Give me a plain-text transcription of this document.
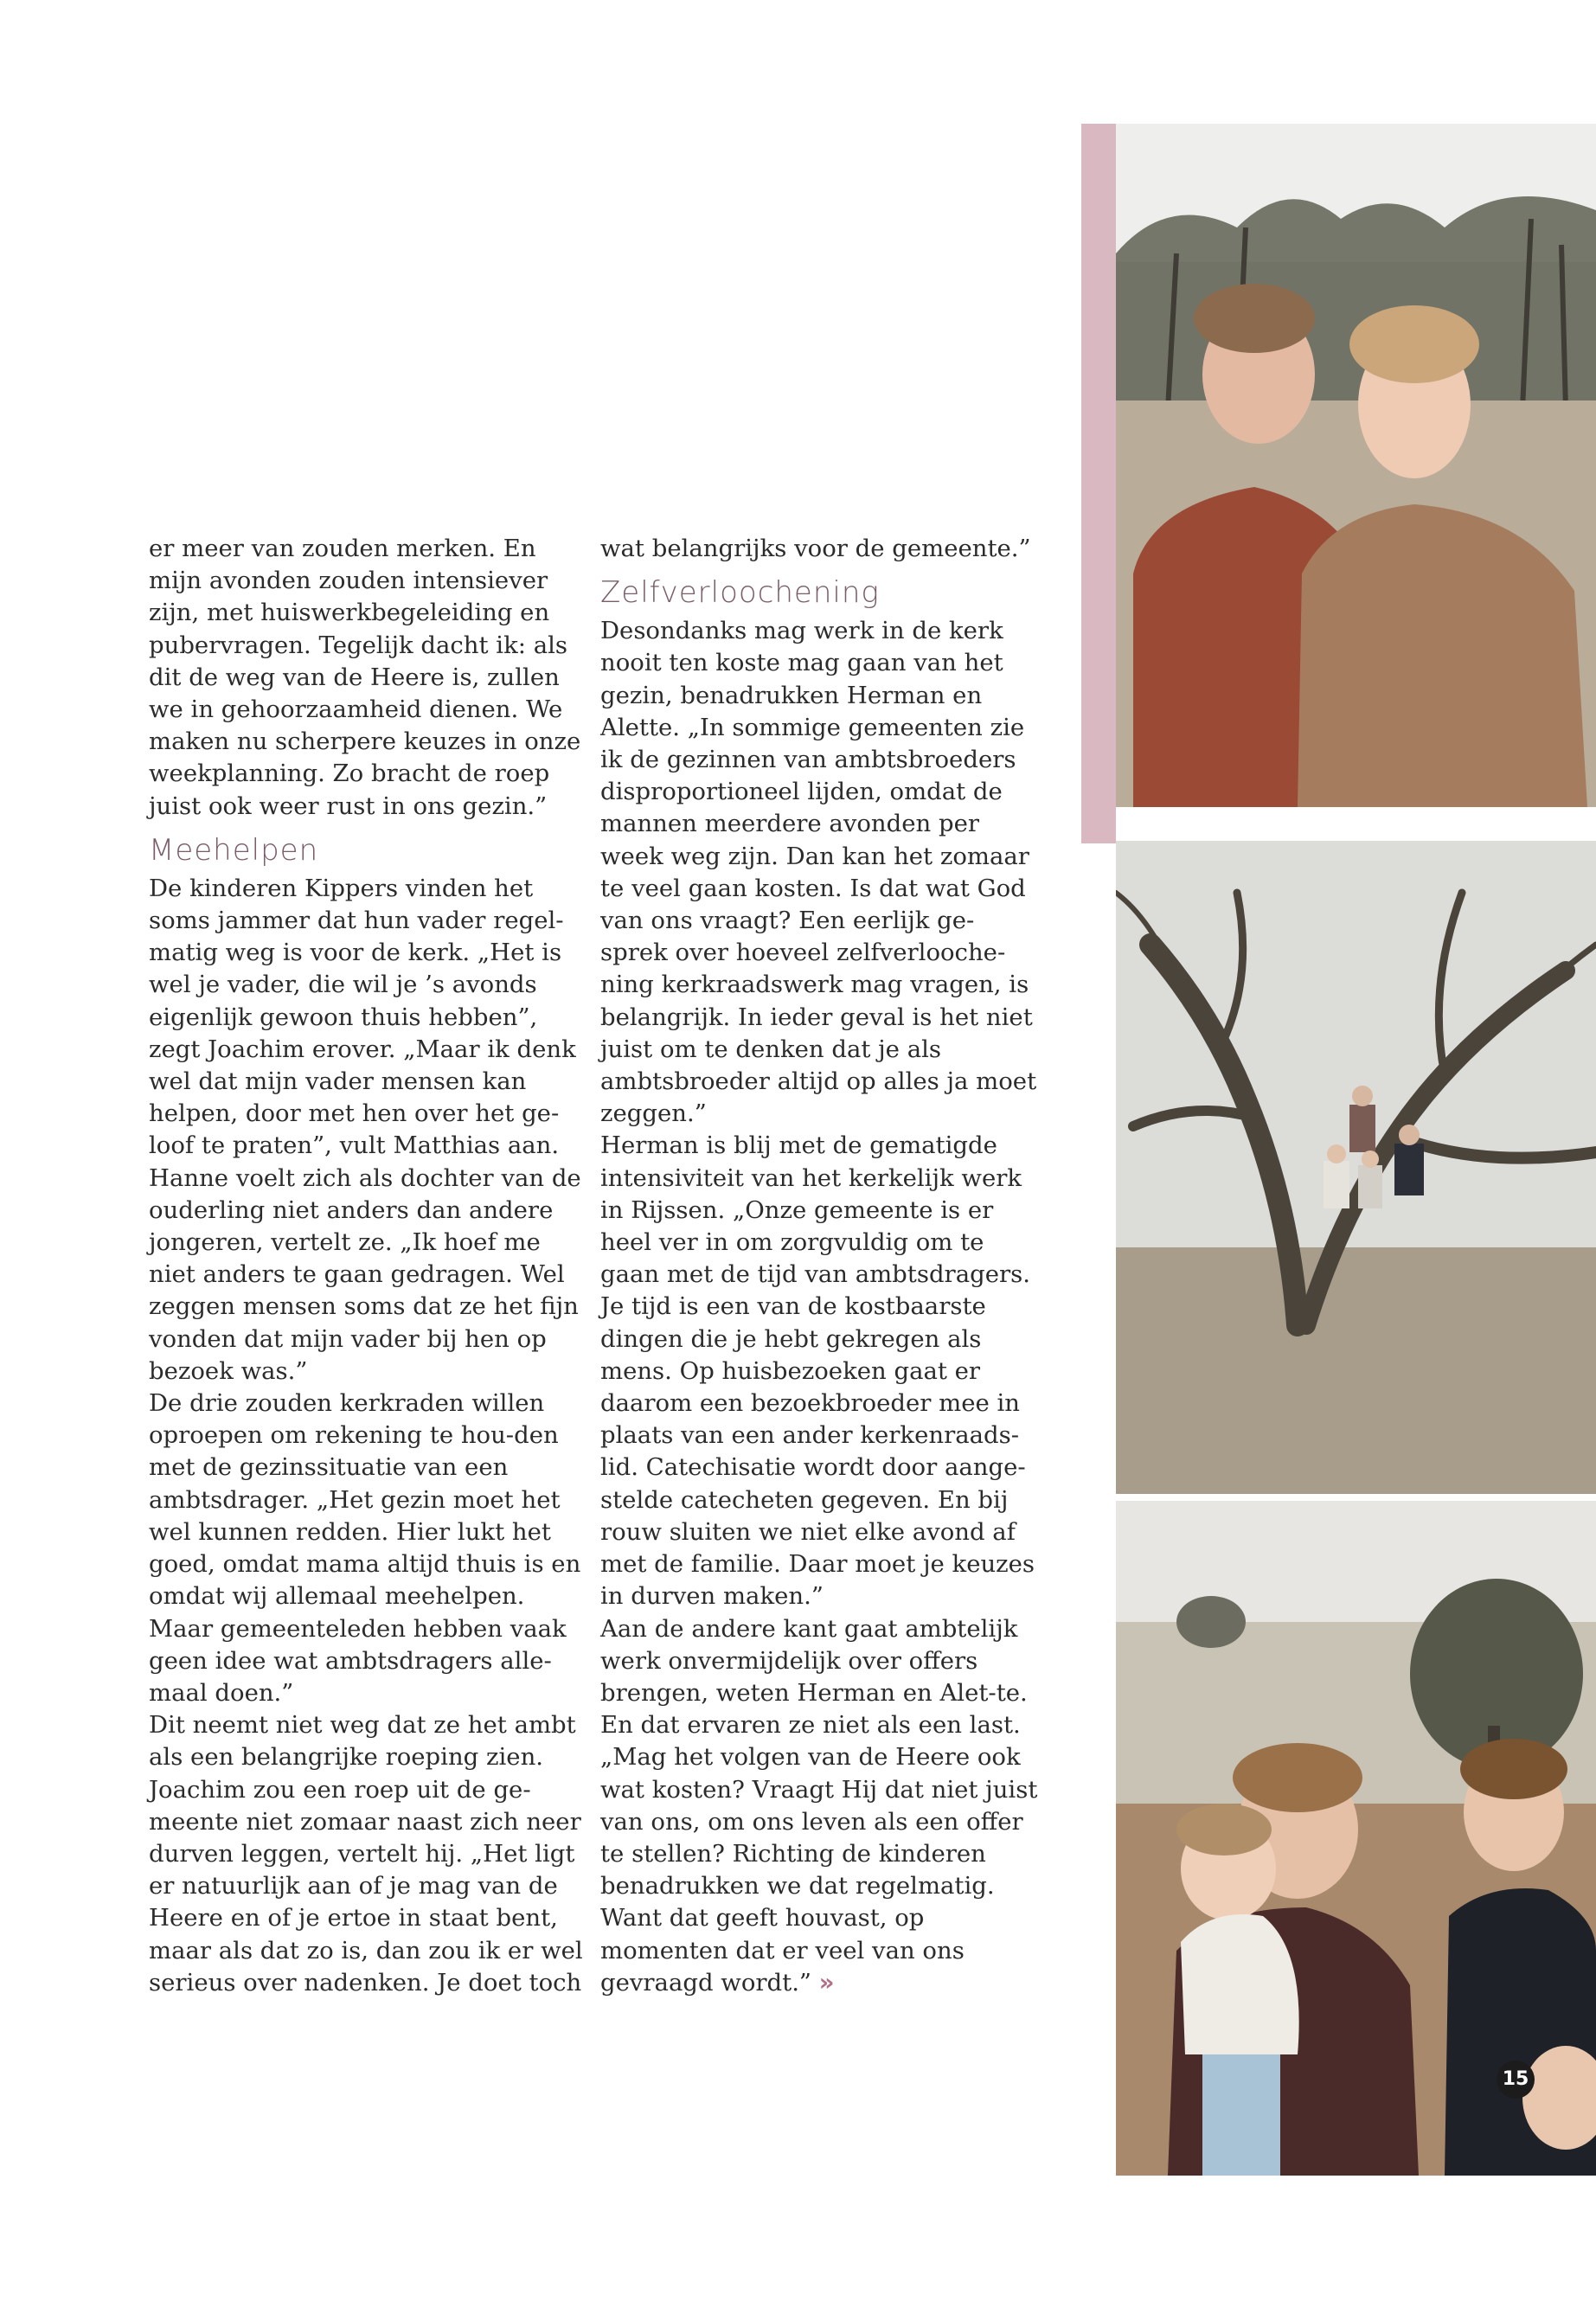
er meer van zouden merken. En mijn avonden zouden intensiever zijn, met huiswerkbegeleiding en pubervragen. Tegelijk dacht ik: als dit de weg van de Heere is, zullen we in gehoorzaamheid dienen. We maken nu scherpere keuzes in onze weekplanning. Zo bracht de roep juist ook weer rust in ons gezin.”

Meehelpen

De kinderen Kippers vinden het soms jammer dat hun vader regel-matig weg is voor de kerk. „Het is wel je vader, die wil je ’s avonds eigenlijk gewoon thuis hebben”, zegt Joachim erover. „Maar ik denk wel dat mijn vader mensen kan helpen, door met hen over het ge-loof te praten”, vult Matthias aan. Hanne voelt zich als dochter van de ouderling niet anders dan andere jongeren, vertelt ze. „Ik hoef me niet anders te gaan gedragen. Wel zeggen mensen soms dat ze het fijn vonden dat mijn vader bij hen op bezoek was.”

De drie zouden kerkraden willen oproepen om rekening te hou-den met de gezinssituatie van een ambtsdrager. „Het gezin moet het wel kunnen redden. Hier lukt het goed, omdat mama altijd thuis is en omdat wij allemaal meehelpen. Maar gemeenteleden hebben vaak geen idee wat ambtsdragers alle-maal doen.”

Dit neemt niet weg dat ze het ambt als een belangrijke roeping zien. Joachim zou een roep uit de ge-meente niet zomaar naast zich neer durven leggen, vertelt hij. „Het ligt er natuurlijk aan of je mag van de Heere en of je ertoe in staat bent, maar als dat zo is, dan zou ik er wel serieus over nadenken. Je doet toch

wat belangrijks voor de gemeente.”

Zelfverloochening

Desondanks mag werk in de kerk nooit ten koste mag gaan van het gezin, benadrukken Herman en Alette. „In sommige gemeenten zie ik de gezinnen van ambtsbroeders disproportioneel lijden, omdat de mannen meerdere avonden per week weg zijn. Dan kan het zomaar te veel gaan kosten. Is dat wat God van ons vraagt? Een eerlijk ge-sprek over hoeveel zelfverlooche-ning kerkraadswerk mag vragen, is belangrijk. In ieder geval is het niet juist om te denken dat je als ambtsbroeder altijd op alles ja moet zeggen.”

Herman is blij met de gematigde intensiviteit van het kerkelijk werk in Rijssen. „Onze gemeente is er heel ver in om zorgvuldig om te gaan met de tijd van ambtsdragers. Je tijd is een van de kostbaarste dingen die je hebt gekregen als mens. Op huisbezoeken gaat er daarom een bezoekbroeder mee in plaats van een ander kerkenraads-lid. Catechisatie wordt door aange-stelde catecheten gegeven. En bij rouw sluiten we niet elke avond af met de familie. Daar moet je keuzes in durven maken.”

Aan de andere kant gaat ambtelijk werk onvermijdelijk over offers brengen, weten Herman en Alet-te. En dat ervaren ze niet als een last. „Mag het volgen van de Heere ook wat kosten? Vraagt Hij dat niet juist van ons, om ons leven als een offer te stellen? Richting de kinderen benadrukken we dat regelmatig. Want dat geeft houvast, op momenten dat er veel van ons gevraagd wordt.” »

15
